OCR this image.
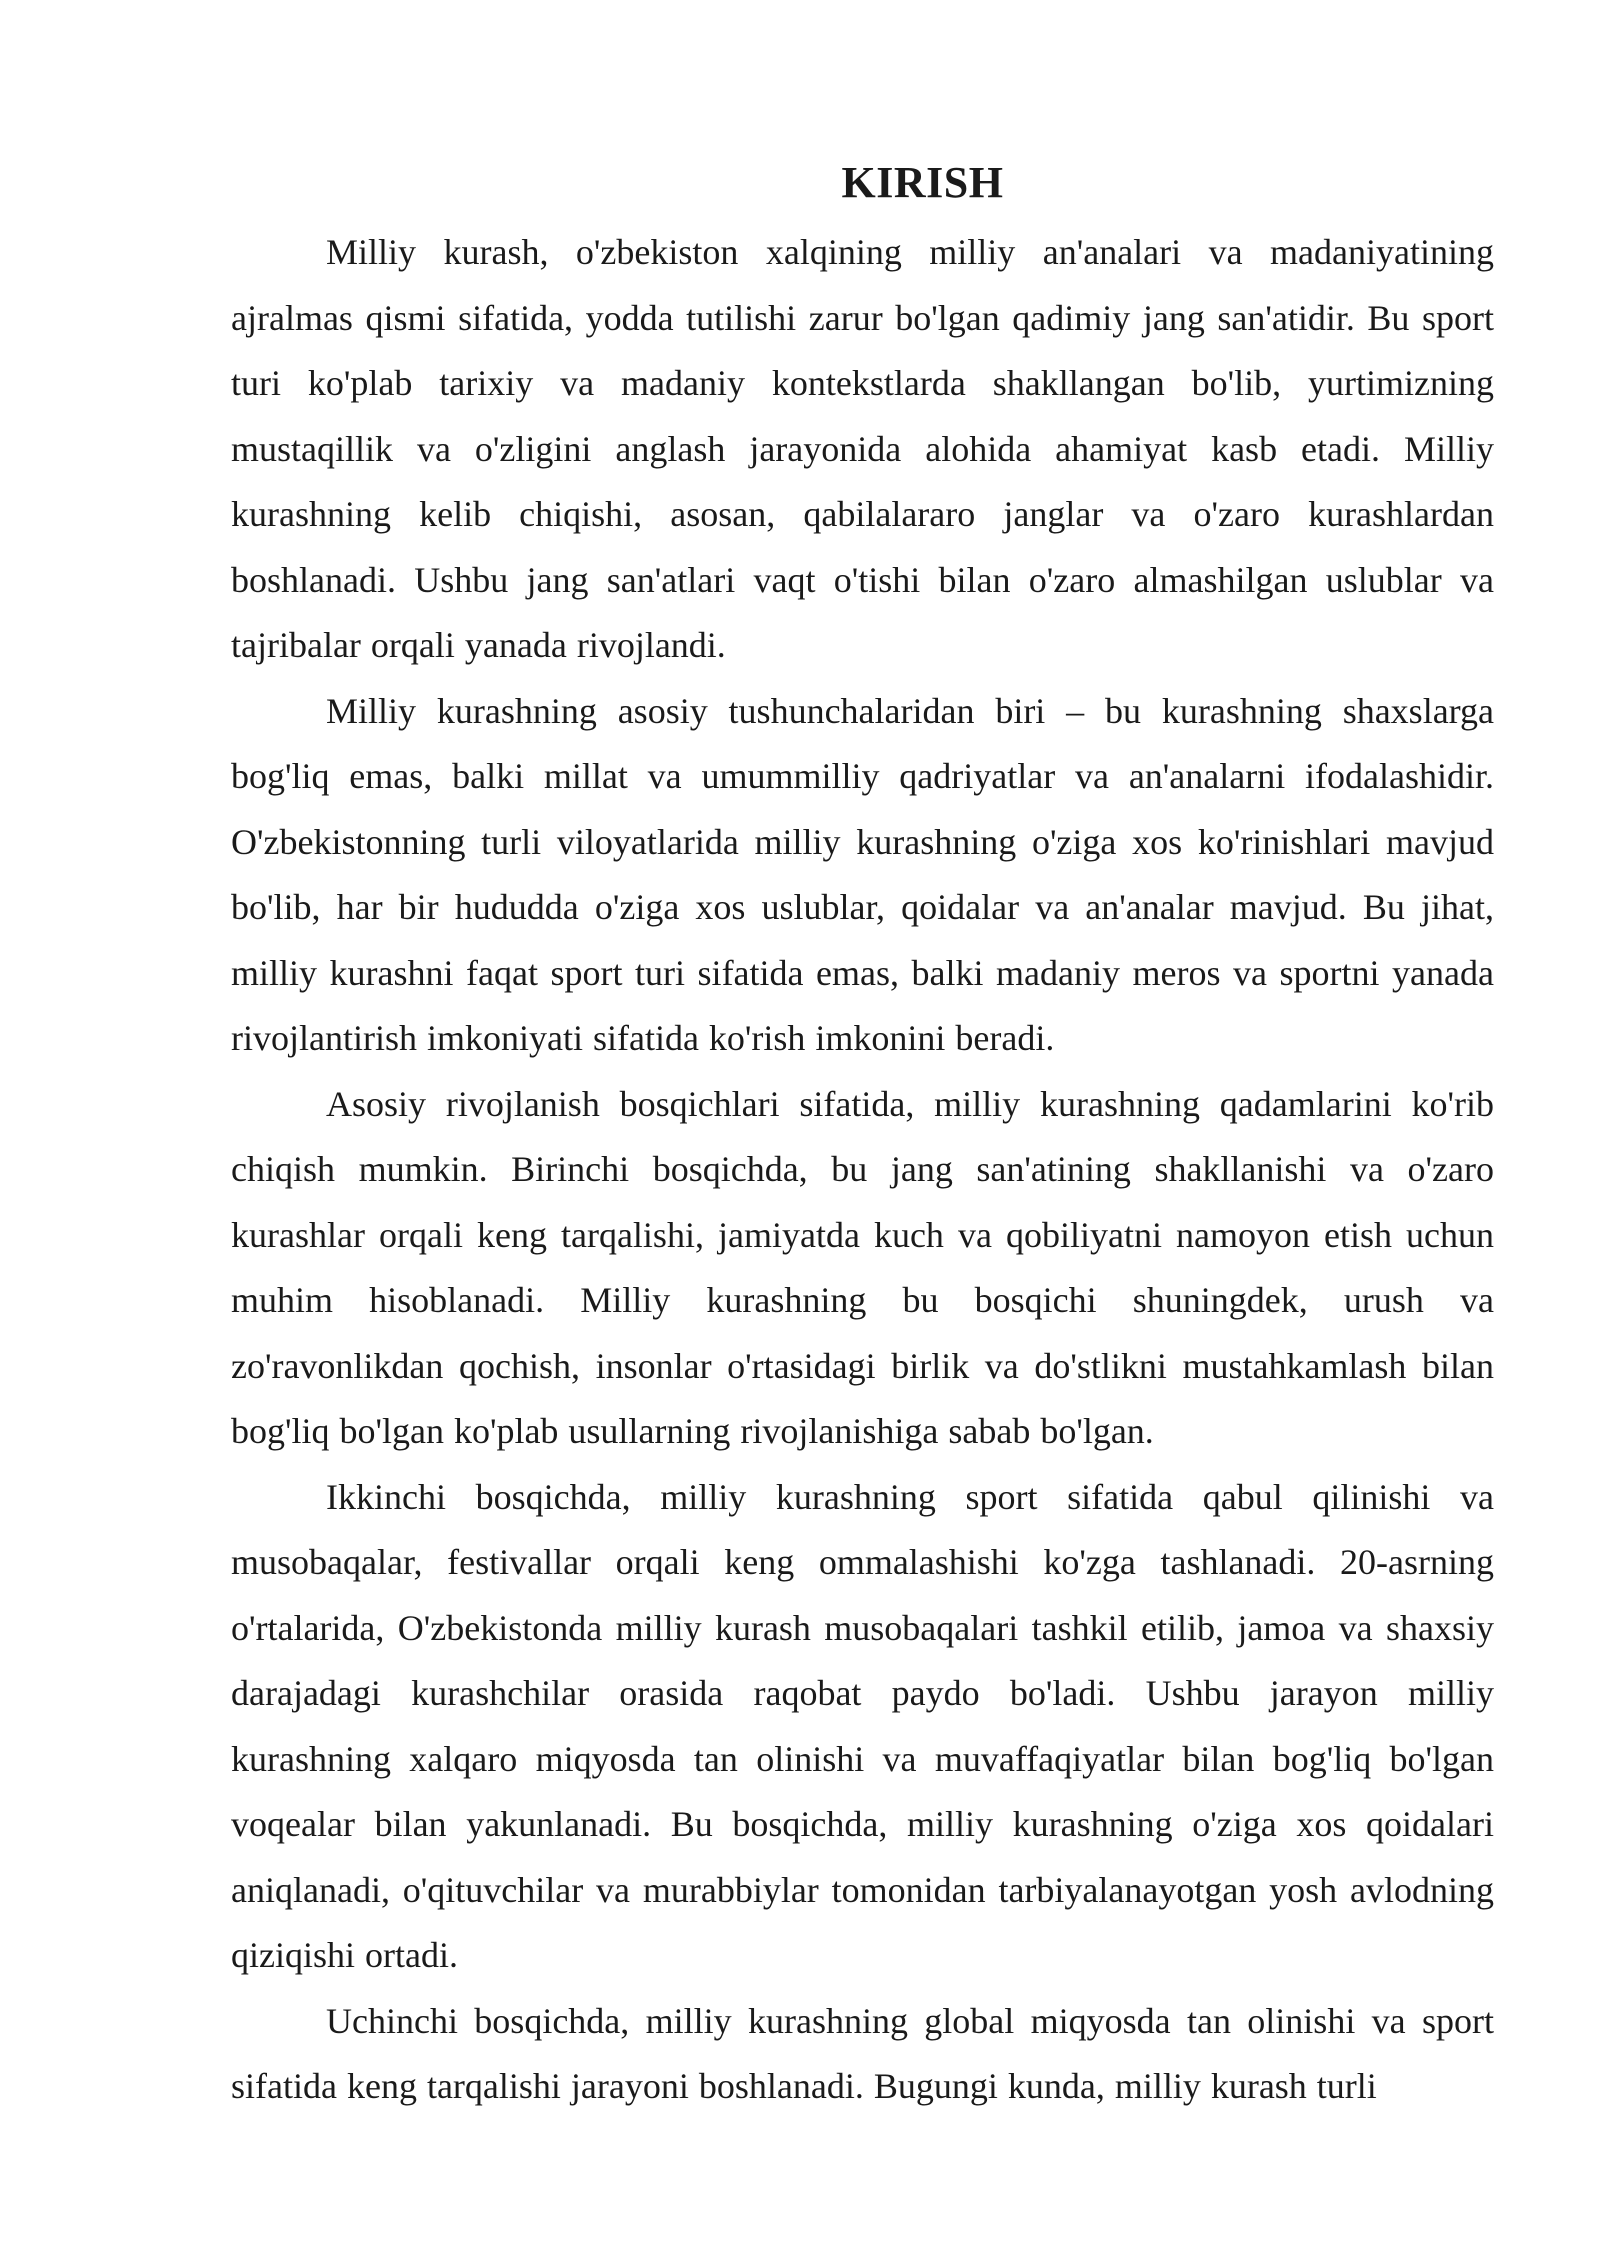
KIRISH

Milliy kurash, o'zbekiston xalqining milliy an'analari va madaniyatining ajralmas qismi sifatida, yodda tutilishi zarur bo'lgan qadimiy jang san'atidir. Bu sport turi ko'plab tarixiy va madaniy kontekstlarda shakllangan bo'lib, yurtimizning mustaqillik va o'zligini anglash jarayonida alohida ahamiyat kasb etadi. Milliy kurashning kelib chiqishi, asosan, qabilalararo janglar va o'zaro kurashlardan boshlanadi. Ushbu jang san'atlari vaqt o'tishi bilan o'zaro almashilgan uslublar va tajribalar orqali yanada rivojlandi.

Milliy kurashning asosiy tushunchalaridan biri – bu kurashning shaxslarga bog'liq emas, balki millat va umummilliy qadriyatlar va an'analarni ifodalashidir. O'zbekistonning turli viloyatlarida milliy kurashning o'ziga xos ko'rinishlari mavjud bo'lib, har bir hududda o'ziga xos uslublar, qoidalar va an'analar mavjud. Bu jihat, milliy kurashni faqat sport turi sifatida emas, balki madaniy meros va sportni yanada rivojlantirish imkoniyati sifatida ko'rish imkonini beradi.

Asosiy rivojlanish bosqichlari sifatida, milliy kurashning qadamlarini ko'rib chiqish mumkin. Birinchi bosqichda, bu jang san'atining shakllanishi va o'zaro kurashlar orqali keng tarqalishi, jamiyatda kuch va qobiliyatni namoyon etish uchun muhim hisoblanadi. Milliy kurashning bu bosqichi shuningdek, urush va zo'ravonlikdan qochish, insonlar o'rtasidagi birlik va do'stlikni mustahkamlash bilan bog'liq bo'lgan ko'plab usullarning rivojlanishiga sabab bo'lgan.

Ikkinchi bosqichda, milliy kurashning sport sifatida qabul qilinishi va musobaqalar, festivallar orqali keng ommalashishi ko'zga tashlanadi. 20-asrning o'rtalarida, O'zbekistonda milliy kurash musobaqalari tashkil etilib, jamoa va shaxsiy darajadagi kurashchilar orasida raqobat paydo bo'ladi. Ushbu jarayon milliy kurashning xalqaro miqyosda tan olinishi va muvaffaqiyatlar bilan bog'liq bo'lgan voqealar bilan yakunlanadi. Bu bosqichda, milliy kurashning o'ziga xos qoidalari aniqlanadi, o'qituvchilar va murabbiylar tomonidan tarbiyalanayotgan yosh avlodning qiziqishi ortadi.

Uchinchi bosqichda, milliy kurashning global miqyosda tan olinishi va sport sifatida keng tarqalishi jarayoni boshlanadi. Bugungi kunda, milliy kurash turli
